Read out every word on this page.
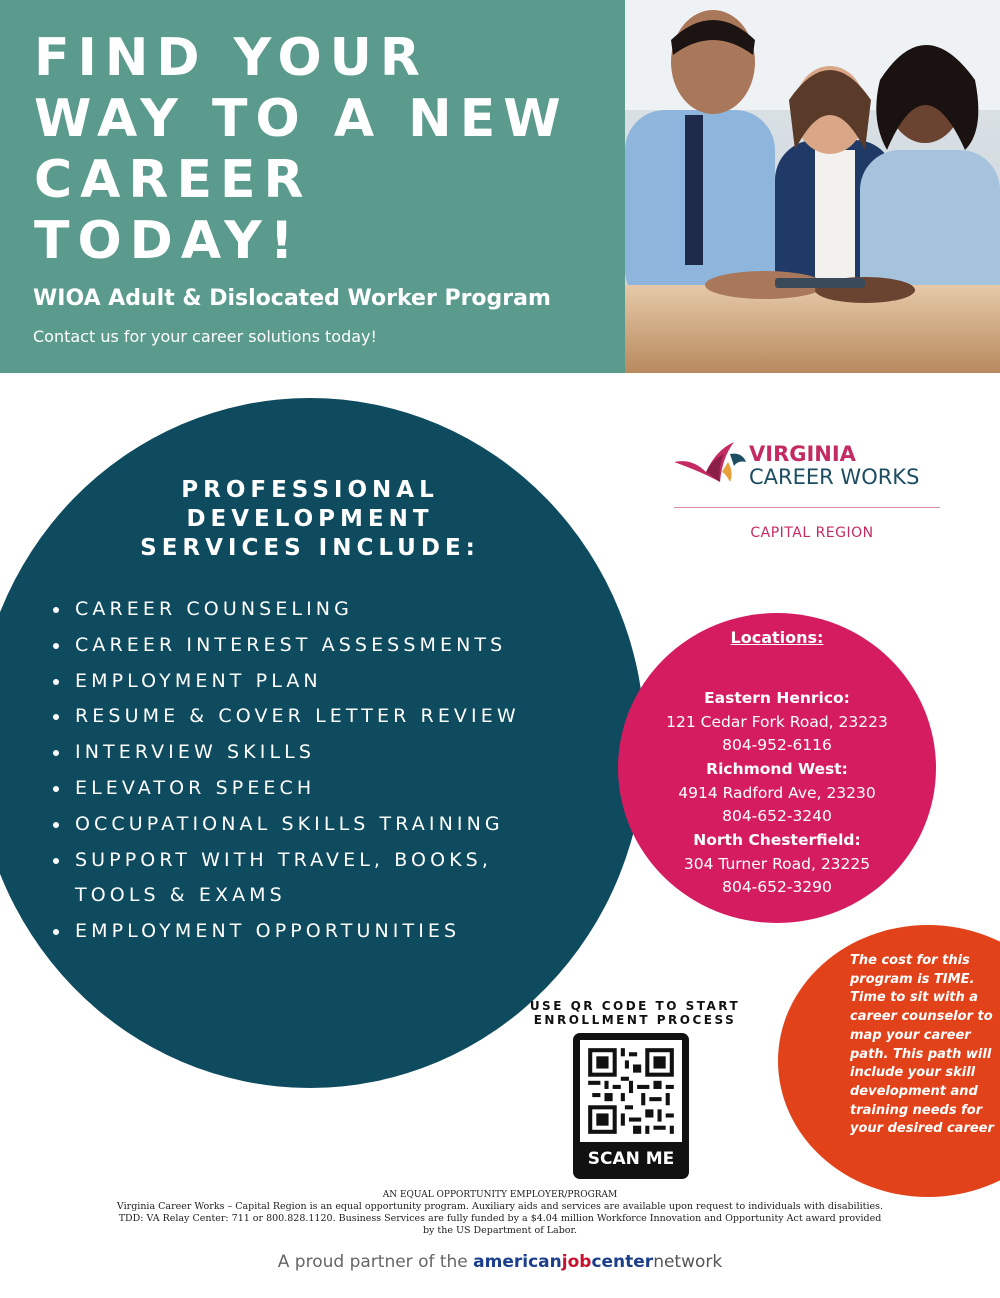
FIND YOUR
WAY TO A NEW
CAREER
TODAY!
WIOA Adult & Dislocated Worker Program
Contact us for your career solutions today!
PROFESSIONAL
DEVELOPMENT
SERVICES INCLUDE:
CAREER COUNSELING
CAREER INTEREST ASSESSMENTS
EMPLOYMENT PLAN
RESUME & COVER LETTER REVIEW
INTERVIEW SKILLS
ELEVATOR SPEECH
OCCUPATIONAL SKILLS TRAINING
SUPPORT WITH TRAVEL, BOOKS,
TOOLS & EXAMS
EMPLOYMENT OPPORTUNITIES
VIRGINIA
CAREER WORKS
CAPITAL REGION
Locations:
Eastern Henrico:
121 Cedar Fork Road, 23223
804-952-6116
Richmond West:
4914 Radford Ave, 23230
804-652-3240
North Chesterfield:
304 Turner Road, 23225
804-652-3290
The cost for this program is TIME. Time to sit with a career counselor to map your career path. This path will include your skill development and training needs for your desired career
USE QR CODE TO START
ENROLLMENT PROCESS
SCAN ME
AN EQUAL OPPORTUNITY EMPLOYER/PROGRAM
Virginia Career Works – Capital Region is an equal opportunity program. Auxiliary aids and services are available upon request to individuals with disabilities.
TDD: VA Relay Center: 711 or 800.828.1120. Business Services are fully funded by a $4.04 million Workforce Innovation and Opportunity Act award provided
by the US Department of Labor.
A proud partner of the americanjobcenternetwork
